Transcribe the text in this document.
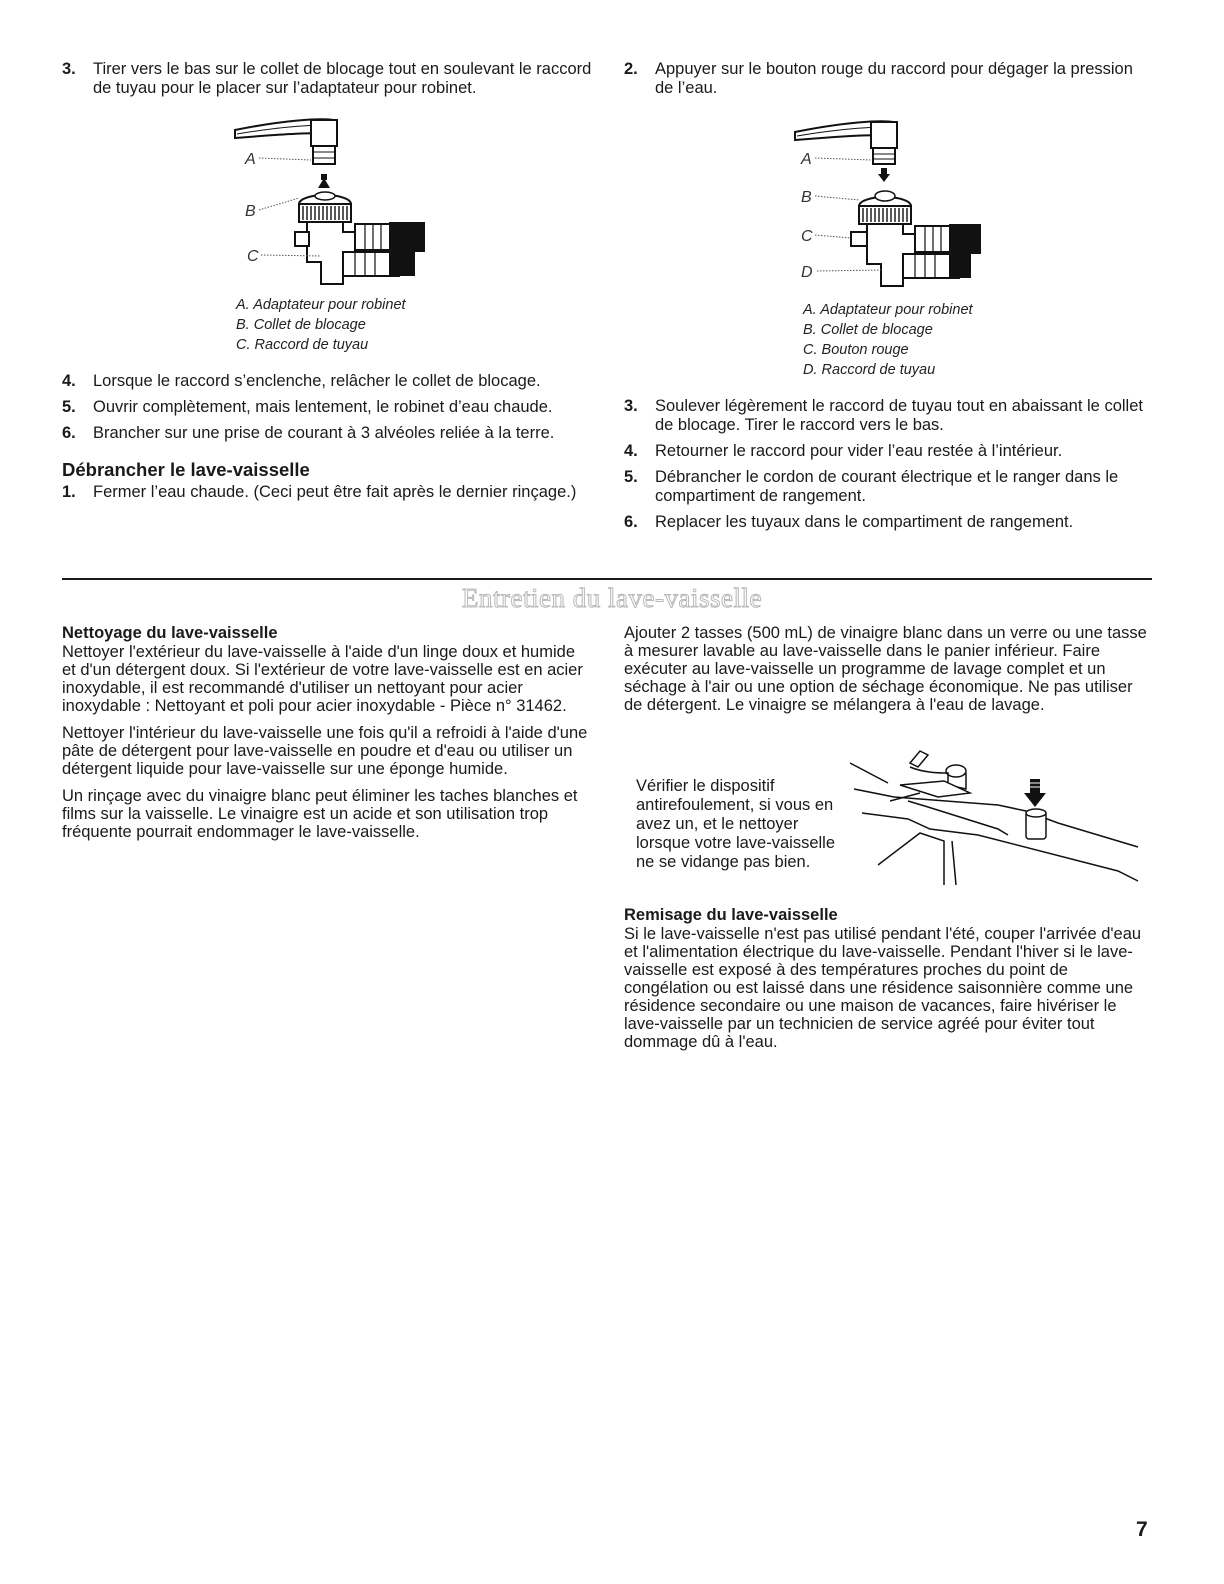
3. Tirer vers le bas sur le collet de blocage tout en soulevant le raccord de tuyau pour le placer sur l’adaptateur pour robinet.
A
B
C

A. Adaptateur pour robinet

B. Collet de blocage

C. Raccord de tuyau

4. Lorsque le raccord s’enclenche, relâcher le collet de blocage.
5. Ouvrir complètement, mais lentement, le robinet d’eau chaude.
6. Brancher sur une prise de courant à 3 alvéoles reliée à la terre.

Débrancher le lave-vaisselle

1. Fermer l’eau chaude. (Ceci peut être fait après le dernier rinçage.)
2. Appuyer sur le bouton rouge du raccord pour dégager la pression de l’eau.
A
B
C
D

A. Adaptateur pour robinet

B. Collet de blocage

C. Bouton rouge

D. Raccord de tuyau

3. Soulever légèrement le raccord de tuyau tout en abaissant le collet de blocage. Tirer le raccord vers le bas.
4. Retourner le raccord pour vider l’eau restée à l’intérieur.
5. Débrancher le cordon de courant électrique et le ranger dans le compartiment de rangement.
6. Replacer les tuyaux dans le compartiment de rangement.
Entretien du lave-vaisselle

Nettoyage du lave-vaisselle

Nettoyer l'extérieur du lave-vaisselle à l'aide d'un linge doux et humide et d'un détergent doux. Si l'extérieur de votre lave-vaisselle est en acier inoxydable, il est recommandé d'utiliser un nettoyant pour acier inoxydable : Nettoyant et poli pour acier inoxydable - Pièce n° 31462.

Nettoyer l'intérieur du lave-vaisselle une fois qu'il a refroidi à l'aide d'une pâte de détergent pour lave-vaisselle en poudre et d'eau ou utiliser un détergent liquide pour lave-vaisselle sur une éponge humide.

Un rinçage avec du vinaigre blanc peut éliminer les taches blanches et films sur la vaisselle. Le vinaigre est un acide et son utilisation trop fréquente pourrait endommager le lave-vaisselle.

Ajouter 2 tasses (500 mL) de vinaigre blanc dans un verre ou une tasse à mesurer lavable au lave-vaisselle dans le panier inférieur. Faire exécuter au lave-vaisselle un programme de lavage complet et un séchage à l'air ou une option de séchage économique. Ne pas utiliser de détergent. Le vinaigre se mélangera à l'eau de lavage.

Vérifier le dispositif antirefoulement, si vous en avez un, et le nettoyer lorsque votre lave-vaisselle ne se vidange pas bien.

Remisage du lave-vaisselle

Si le lave-vaisselle n'est pas utilisé pendant l'été, couper l'arrivée d'eau et l'alimentation électrique du lave-vaisselle. Pendant l'hiver si le lave-vaisselle est exposé à des températures proches du point de congélation ou est laissé dans une résidence saisonnière comme une résidence secondaire ou une maison de vacances, faire hivériser le lave-vaisselle par un technicien de service agréé pour éviter tout dommage dû à l'eau.

7
